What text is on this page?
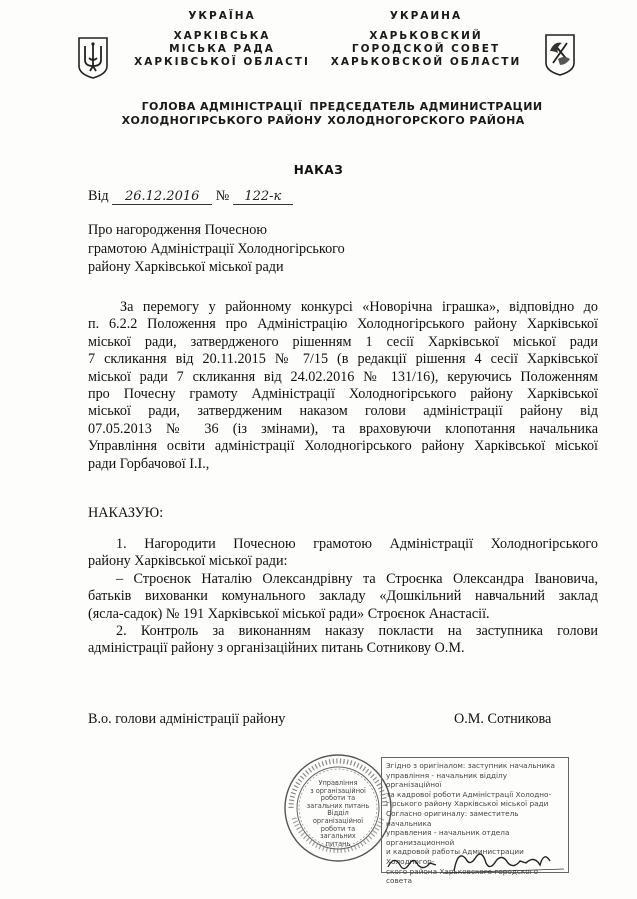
УКРАЇНА
ХАРКІВСЬКА
МІСЬКА РАДА
ХАРКІВСЬКОЇ ОБЛАСТІ
ГОЛОВА АДМІНІСТРАЦІЇ
ХОЛОДНОГІРСЬКОГО РАЙОНУ
УКРАИНА
ХАРЬКОВСКИЙ
ГОРОДСКОЙ СОВЕТ
ХАРЬКОВСКОЙ ОБЛАСТИ
ПРЕДСЕДАТЕЛЬ АДМИНИСТРАЦИИ
ХОЛОДНОГОРСКОГО РАЙОНА
НАКАЗ
Від 26.12.2016 № 122-к
Про нагородження Почесною
грамотою Адміністрації Холодногірського
району Харківської міської ради
За перемогу у районному конкурсі «Новорічна іграшка», відповідно до
п. 6.2.2 Положення про Адміністрацію Холодногірського району Харківської
міської ради, затвердженого рішенням 1 сесії Харківської міської ради
7 скликання від 20.11.2015 № 7/15 (в редакції рішення 4 сесії Харківської
міської ради 7 скликання від 24.02.2016 № 131/16), керуючись Положенням
про Почесну грамоту Адміністрації Холодногірського району Харківської
міської ради, затвердженим наказом голови адміністрації району від
07.05.2013 № 36 (із змінами), та враховуючи клопотання начальника
Управління освіти адміністрації Холодногірського району Харківської міської
ради Горбачової І.І.,
НАКАЗУЮ:
1. Нагородити Почесною грамотою Адміністрації Холодногірського
району Харківської міської ради:
– Строєнок Наталію Олександрівну та Строєнка Олександра Івановича,
батьків вихованки комунального закладу «Дошкільний навчальний заклад
(ясла-садок) № 191 Харківської міської ради» Строєнок Анастасії.
2. Контроль за виконанням наказу покласти на заступника голови
адміністрації району з організаційних питань Сотникову О.М.
В.о. голови адміністрації району	О.М. Сотникова
Управління
з організаційної
роботи та
загальних питань
Відділ
організаційної
роботи та
загальних
питань
Згідно з оригіналом: заступник начальника
управління - начальник відділу організаційної
та кадрової роботи Адміністрації Холодно-
гірського району Харківської міської ради
Согласно оригиналу: заместитель начальника
управления - начальник отдела организационной
и кадровой работы Администрации Холодногор-
ского района Харьковского городского совета
